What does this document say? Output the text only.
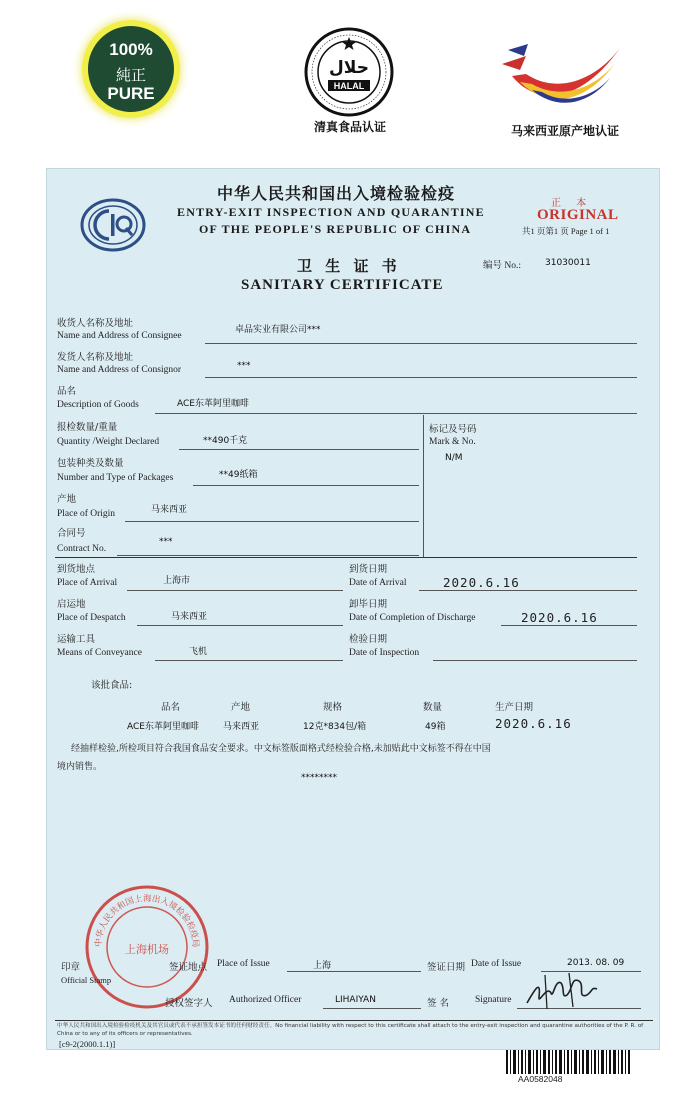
100%
純正
PURE
حلال
HALAL
清真食品认证	马来西亚原产地认证
中华人民共和国出入境检验检疫
ENTRY-EXIT INSPECTION AND QUARANTINE
OF THE PEOPLE'S REPUBLIC OF CHINA
正 本
ORIGINAL
共1 页第1 页 Page 1 of 1
卫 生 证 书
SANITARY CERTIFICATE
编号 No.:	31030011
收货人名称及地址
Name and Address of Consignee
卓品实业有限公司***
发货人名称及地址
Name and Address of Consignor	***
品名
Description of Goods	ACE东革阿里咖啡
报检数量/重量
Quantity /Weight Declared	**490千克
包装种类及数量
Number and Type of Packages	**49纸箱
产地
Place of Origin	马来西亚
合同号
Contract No.
***
标记及号码
Mark & No.
N/M
到货地点
Place of Arrival	上海市
到货日期
Date of Arrival	2020.6.16
启运地
Place of Despatch	马来西亚
卸毕日期
Date of Completion of Discharge	2020.6.16
运输工具
Means of Conveyance	飞机
检验日期
Date of Inspection
该批食品:
品名	产地	规格	数量	生产日期
ACE东革阿里咖啡	马来西亚	12克*834包/箱	49箱	2020.6.16
经抽样检验,所检项目符合我国食品安全要求。中文标签版面格式经检验合格,未加贴此中文标签不得在中国
境内销售。
********
中华人民共和国上海出入境检验检疫局
上海机场
印章
Official Stamp
签证地点 Place of Issue	上海	签证日期 Date of Issue	2013. 08. 09
授权签字人 Authorized Officer	LIHAIYAN	签 名	Signature
中华人民共和国出入境检验检疫机关及其官员或代表不承担签发本证书的任何财经责任。No financial liability with respect to this certificate shall attach to the entry-exit inspection and quarantine authorities of the P. R. of China or to any of its officers or representatives.
[c9-2(2000.1.1)]
AA0582048
